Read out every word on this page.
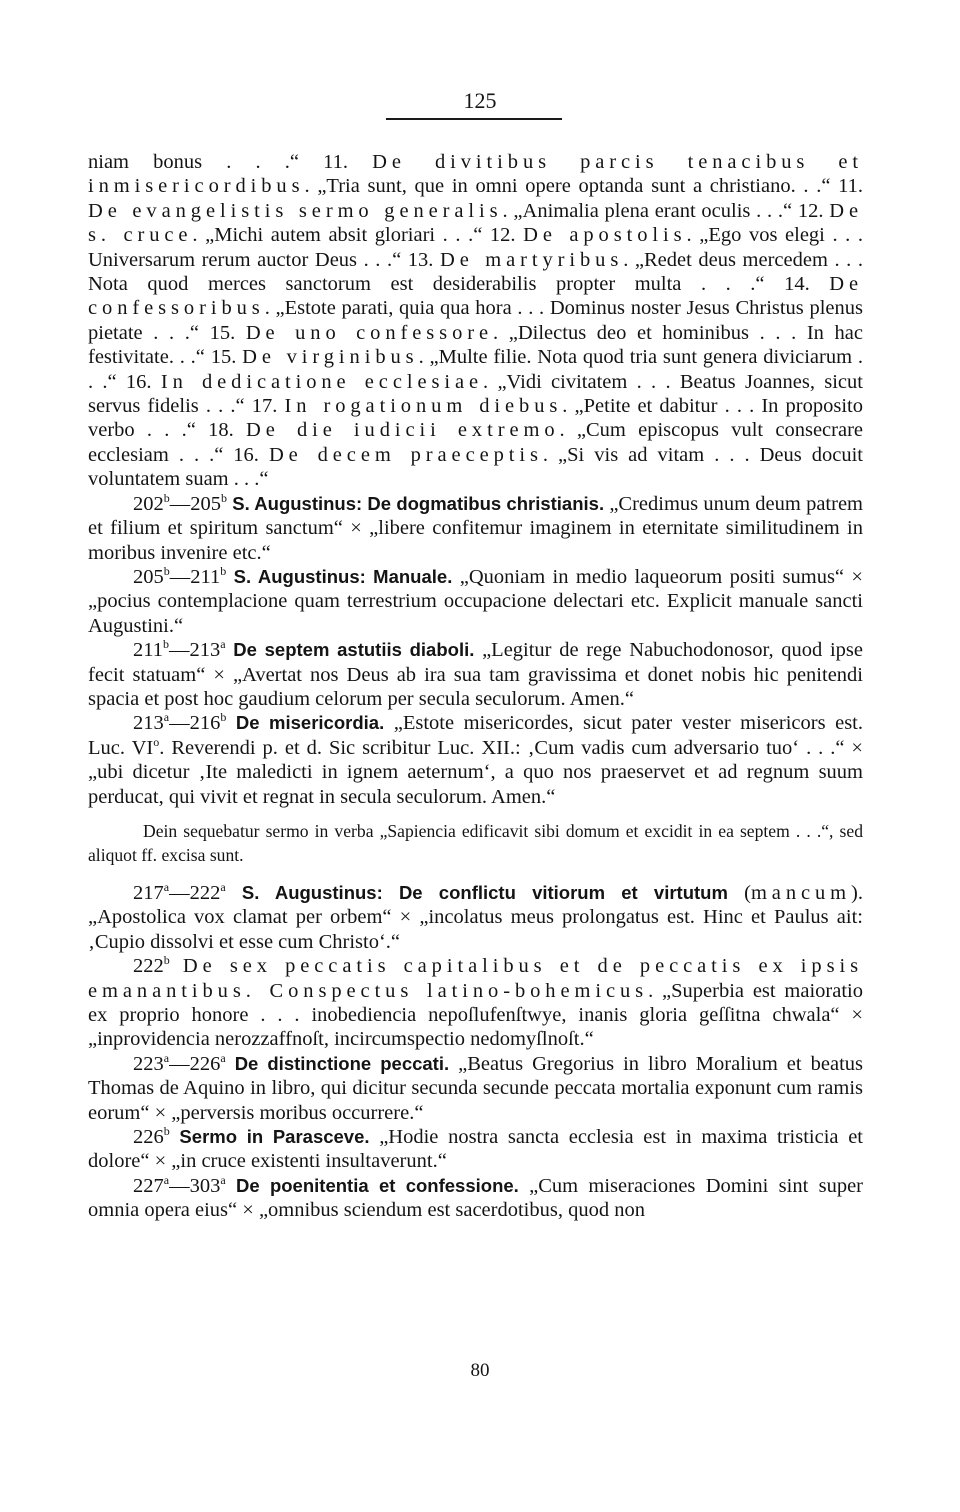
125

niam bonus . . .“ 11. De divitibus parcis tenacibus et inmisericordibus. „Tria sunt, que in omni opere optanda sunt a christiano. . .“ 11. De evangelistis sermo generalis. „Animalia plena erant oculis . . .“ 12. De s. cruce. „Michi autem absit gloriari . . .“ 12. De apostolis. „Ego vos elegi . . . Universarum rerum auctor Deus . . .“ 13. De martyribus. „Redet deus mercedem . . . Nota quod merces sanctorum est desiderabilis propter multa . . .“ 14. De confessoribus. „Estote parati, quia qua hora . . . Dominus noster Jesus Christus plenus pietate . . .“ 15. De uno confessore. „Dilectus deo et hominibus . . . In hac festivitate. . .“ 15. De virginibus. „Multe filie. Nota quod tria sunt genera diviciarum . . .“ 16. In dedicatione ecclesiae. „Vidi civitatem . . . Beatus Joannes, sicut servus fidelis . . .“ 17. In rogationum diebus. „Petite et dabitur . . . In proposito verbo . . .“ 18. De die iudicii extremo. „Cum episcopus vult consecrare ecclesiam . . .“ 16. De decem praeceptis. „Si vis ad vitam . . . Deus docuit voluntatem suam . . .“

202$^b$—205$^b$ S. Augustinus: De dogmatibus christianis. „Credimus unum deum patrem et filium et spiritum sanctum“ × „libere confitemur imaginem in eternitate similitudinem in moribus invenire etc.“

205$^b$—211$^b$ S. Augustinus: Manuale. „Quoniam in medio laqueorum positi sumus“ × „pocius contemplacione quam terrestrium occupacione delectari etc. Explicit manuale sancti Augustini.“

211$^b$—213$^a$ De septem astutiis diaboli. „Legitur de rege Nabuchodonosor, quod ipse fecit statuam“ × „Avertat nos Deus ab ira sua tam gravissima et donet nobis hic penitendi spacia et post hoc gaudium celorum per secula seculorum. Amen.“

213$^a$—216$^b$ De misericordia. „Estote misericordes, sicut pater vester misericors est. Luc. $VI^o$. Reverendi p. et d. Sic scribitur Luc. XII.: ‚Cum vadis cum adversario tuo‘ . . .“ × „ubi dicetur ‚Ite maledicti in ignem aeternum‘, a quo nos praeservet et ad regnum suum perducat, qui vivit et regnat in secula seculorum. Amen.“

Dein sequebatur sermo in verba „Sapiencia edificavit sibi domum et excidit in ea septem . . .“, sed aliquot ff. excisa sunt.

217$^a$—222$^a$ S. Augustinus: De conflictu vitiorum et virtutum (mancum). „Apostolica vox clamat per orbem“ × „incolatus meus prolongatus est. Hinc et Paulus ait: ‚Cupio dissolvi et esse cum Christo‘.“

222$^b$ De sex peccatis capitalibus et de peccatis ex ipsis emanantibus. Conspectus latino-bohemicus. „Superbia est maioratio ex proprio honore . . . inobediencia nepoſlufenſtwye, inanis gloria geſſitna chwala“ × „inprovidencia nerozzaffnoſt, incircumspectio nedomyſlnoſt.“

223$^a$—226$^a$ De distinctione peccati. „Beatus Gregorius in libro Moralium et beatus Thomas de Aquino in libro, qui dicitur secunda secunde peccata mortalia exponunt cum ramis eorum“ × „perversis moribus occurrere.“

226$^b$ Sermo in Parasceve. „Hodie nostra sancta ecclesia est in maxima tristicia et dolore“ × „in cruce existenti insultaverunt.“

227$^a$—303$^a$ De poenitentia et confessione. „Cum miseraciones Domini sint super omnia opera eius“ × „omnibus sciendum est sacerdotibus, quod non

80
